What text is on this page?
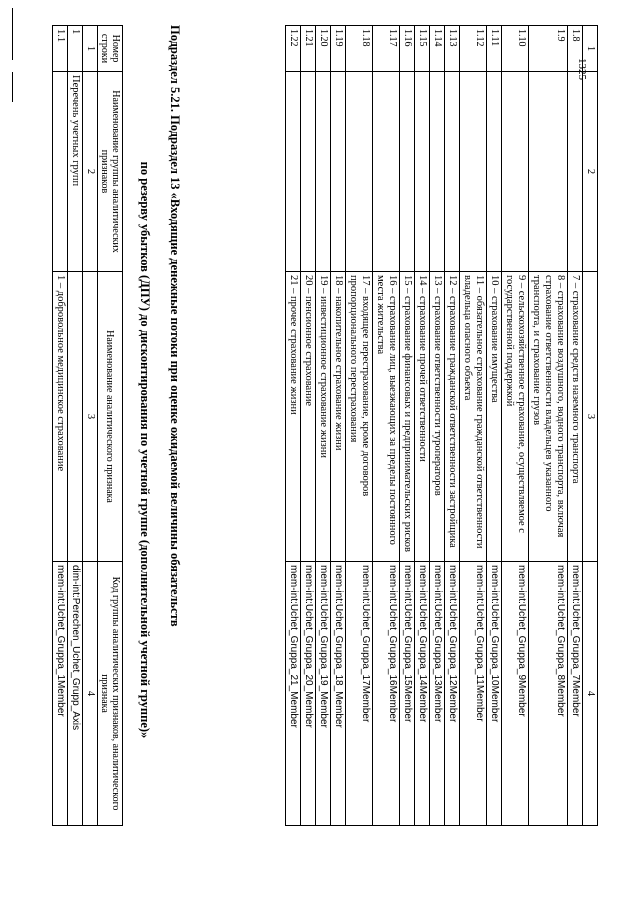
1325
1	2	3	4
1.8		7 – страхование средств наземного транспорта	mem-int:Uchet_Gruppa_7Member
1.9		8 – страхование воздушного, водного транспорта, включая страхование ответственности владельцев указанного транспорта, и страхование грузов	mem-int:Uchet_Gruppa_8Member
1.10		9 – сельскохозяйственное страхование, осуществляемое с государственной поддержкой	mem-int:Uchet_Gruppa_9Member
1.11		10 – страхование имущества	mem-int:Uchet_Gruppa_10Member
1.12		11 – обязательное страхование гражданской ответственности владельца опасного объекта	mem-int:Uchet_Gruppa_11Member
1.13		12 – страхование гражданской ответственности застройщика	mem-int:Uchet_Gruppa_12Member
1.14		13 – страхование ответственности туроператоров	mem-int:Uchet_Gruppa_13Member
1.15		14 – страхование прочей ответственности	mem-int:Uchet_Gruppa_14Member
1.16		15 – страхование финансовых и предпринимательских рисков	mem-int:Uchet_Gruppa_15Member
1.17		16 – страхование лиц, выезжающих за пределы постоянного места жительства	mem-int:Uchet_Gruppa_16Member
1.18		17 – входящее перестрахование, кроме договоров пропорционального перестрахования	mem-int:Uchet_Gruppa_17Member
1.19		18 – накопительное страхование жизни	mem-int:Uchet_Gruppa_18_Member
1.20		19 – инвестиционное страхование жизни	mem-int:Uchet_Gruppa_19_Member
1.21		20 – пенсионное страхование	mem-int:Uchet_Gruppa_20_Member
1.22		21 – прочее страхование жизни	mem-int:Uchet_Gruppa_21_Member
Подраздел 5.21. Подраздел 13 «Входящие денежные потоки при оценке ожидаемой величины обязательств
по резерву убытков (ДПУ) до дисконтирования по учетной группе (дополнительной учетной группе)»
Номер строки	Наименование группы аналитических признаков	Наименование аналитического признака	Код группы аналитических признаков, аналитического признака
1	2	3	4
1	Перечень учетных групп		dim-int:Perechen_Uchet_Grupp_Axis
1.1		1 – добровольное медицинское страхование	mem-int:Uchet_Gruppa_1Member
